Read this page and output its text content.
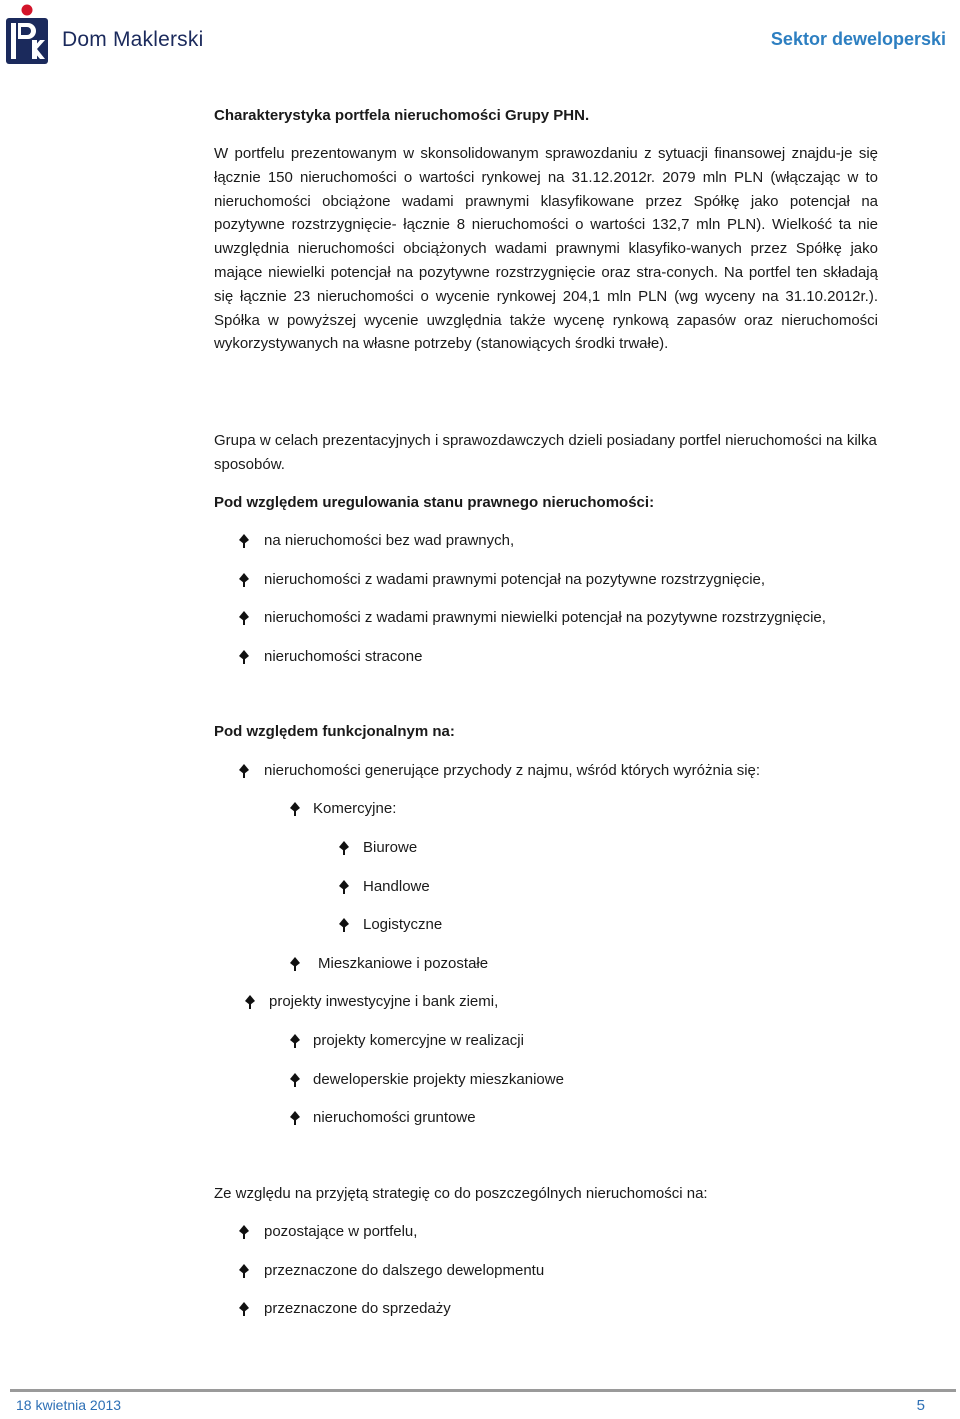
Dom Maklerski	Sektor deweloperski

Charakterystyka portfela nieruchomości Grupy PHN.

W portfelu prezentowanym w skonsolidowanym sprawozdaniu z sytuacji finansowej znajdu-je się łącznie 150 nieruchomości o wartości rynkowej na 31.12.2012r. 2079 mln PLN (włączając w to nieruchomości obciążone wadami prawnymi klasyfikowane przez Spółkę jako potencjał na pozytywne rozstrzygnięcie- łącznie 8 nieruchomości o wartości 132,7 mln PLN). Wielkość ta nie uwzględnia nieruchomości obciążonych wadami prawnymi klasyfiko-wanych przez Spółkę jako mające niewielki potencjał na pozytywne rozstrzygnięcie oraz stra-conych. Na portfel ten składają się łącznie 23 nieruchomości o wycenie rynkowej 204,1 mln PLN (wg wyceny na 31.10.2012r.). Spółka w powyższej wycenie uwzględnia także wycenę rynkową zapasów oraz nieruchomości wykorzystywanych na własne potrzeby (stanowiących środki trwałe).

Grupa w celach prezentacyjnych i sprawozdawczych dzieli posiadany portfel nieruchomości na kilka sposobów.

Pod względem uregulowania stanu prawnego nieruchomości:

na nieruchomości bez wad prawnych,
nieruchomości z wadami prawnymi potencjał na pozytywne rozstrzygnięcie,
nieruchomości z wadami prawnymi niewielki potencjał na pozytywne rozstrzygnięcie,
nieruchomości stracone

Pod względem funkcjonalnym na:

nieruchomości generujące przychody z najmu, wśród których wyróżnia się:
Komercyjne:
Biurowe
Handlowe
Logistyczne
Mieszkaniowe i pozostałe
projekty inwestycyjne i bank ziemi,
projekty komercyjne w realizacji
deweloperskie projekty mieszkaniowe
nieruchomości gruntowe

Ze względu na przyjętą strategię co do poszczególnych nieruchomości na:

pozostające w portfelu,
przeznaczone do dalszego dewelopmentu
przeznaczone do sprzedaży
18 kwietnia 2013	5
